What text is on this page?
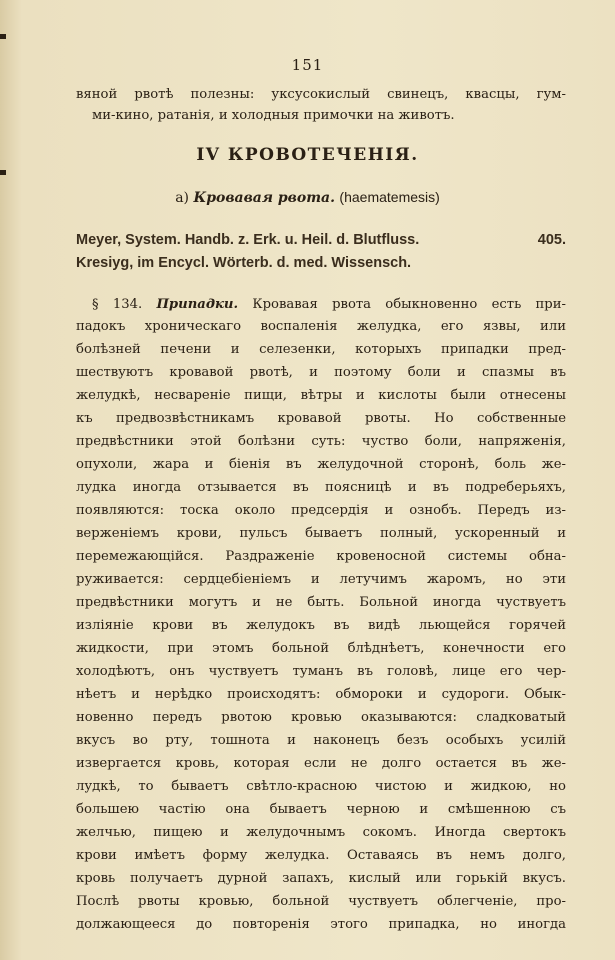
151
вяной рвотѣ полезны: уксусокислый свинецъ, квасцы, гум-
ми-кино, ратанія, и холодныя примочки на животъ.
IV КРОВОТЕЧЕНІЯ.
а) Кровавая рвота. (haematemesis)
Meyer, System. Handb. z. Erk. u. Heil. d. Blutfluss.	405.
Kresiyg, im Encycl. Wörterb. d. med. Wissensch.
§ 134. Припадки. Кровавая рвота обыкновенно есть при-
падокъ хроническаго воспаленія желудка, его язвы, или
болѣзней печени и селезенки, которыхъ припадки пред-
шествуютъ кровавой рвотѣ, и поэтому боли и спазмы въ
желудкѣ, несвареніе пищи, вѣтры и кислоты были отнесены
къ предвозвѣстникамъ кровавой рвоты. Но собственные
предвѣстники этой болѣзни суть: чуство боли, напряженія,
опухоли, жара и біенія въ желудочной сторонѣ, боль же-
лудка иногда отзывается въ поясницѣ и въ подреберьяхъ,
появляются: тоска около предсердія и ознобъ. Передъ из-
верженіемъ крови, пульсъ бываетъ полный, ускоренный и
перемежающійся. Раздраженіе кровеносной системы обна-
руживается: сердцебіеніемъ и летучимъ жаромъ, но эти
предвѣстники могутъ и не быть. Больной иногда чуствуетъ
изліяніе крови въ желудокъ въ видѣ льющейся горячей
жидкости, при этомъ больной блѣднѣетъ, конечности его
холодѣютъ, онъ чуствуетъ туманъ въ головѣ, лице его чер-
нѣетъ и нерѣдко происходятъ: обмороки и судороги. Обык-
новенно передъ рвотою кровью оказываются: сладковатый
вкусъ во рту, тошнота и наконецъ безъ особыхъ усилій
извергается кровь, которая если не долго остается въ же-
лудкѣ, то бываетъ свѣтло-красною чистою и жидкою, но
большею частію она бываетъ черною и смѣшенною съ
желчью, пищею и желудочнымъ сокомъ. Иногда свертокъ
крови имѣетъ форму желудка. Оставаясь въ немъ долго,
кровь получаетъ дурной запахъ, кислый или горькій вкусъ.
Послѣ рвоты кровью, больной чуствуетъ облегченіе, про-
должающееся до повторенія этого припадка, но иногда
